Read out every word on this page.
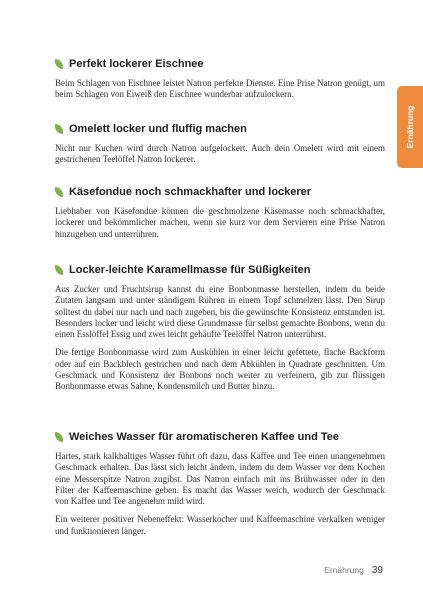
Perfekt lockerer Eischnee

Beim Schlagen von Eischnee leistet Natron perfekte Dienste. Eine Prise Natron genügt, um beim Schlagen von Eiweiß den Eischnee wunderbar aufzulockern.

Omelett locker und fluffig machen

Nicht nur Kuchen wird durch Natron aufgelockert. Auch dein Omelett wird mit einem gestrichenen Teelöffel Natron lockerer.

Käsefondue noch schmackhafter und lockerer

Liebhaber von Käsefondue können die geschmolzene Käsemasse noch schmackhafter, lockerer und bekömmlicher machen, wenn sie kurz vor dem Servieren eine Prise Natron hinzugeben und unterrühren.

Locker-leichte Karamellmasse für Süßigkeiten

Aus Zucker und Fruchtsirup kannst du eine Bonbonmasse herstellen, indem du beide Zutaten langsam und unter ständigem Rühren in einem Topf schmelzen lässt. Den Sirup solltest du dabei nur nach und nach zugeben, bis die gewünschte Konsistenz entstanden ist. Besonders locker und leicht wird diese Grundmasse für selbst gemachte Bonbons, wenn du einen Esslöffel Essig und zwei leicht gehäufte Teelöffel Natron unterrührst.

Die fertige Bonbonmasse wird zum Auskühlen in einer leicht gefettete, flache Backform oder auf ein Backblech gestrichen und nach dem Abkühlen in Quadrate geschnitten. Um Geschmack und Konsistenz der Bonbons noch weiter zu verfeinern, gib zur flüssigen Bonbonmasse etwas Sahne, Kondensmilch und Butter hinzu.

Weiches Wasser für aromatischeren Kaffee und Tee

Hartes, stark kalkhaltiges Wasser führt oft dazu, dass Kaffee und Tee einen unangenehmen Geschmack erhalten. Das lässt sich leicht ändern, indem du dem Wasser vor dem Kochen eine Messerspitze Natron zugibst. Das Natron einfach mit ins Brühwasser oder in den Filter der Kaffeemaschine geben. Es macht das Wasser weich, wodurch der Geschmack von Kaffee und Tee angenehm mild wird.

Ein weiterer positiver Nebeneffekt: Wasserkocher und Kaffeemaschine verkalken weniger und funktionieren länger.

Ernährung
Ernährung 39
